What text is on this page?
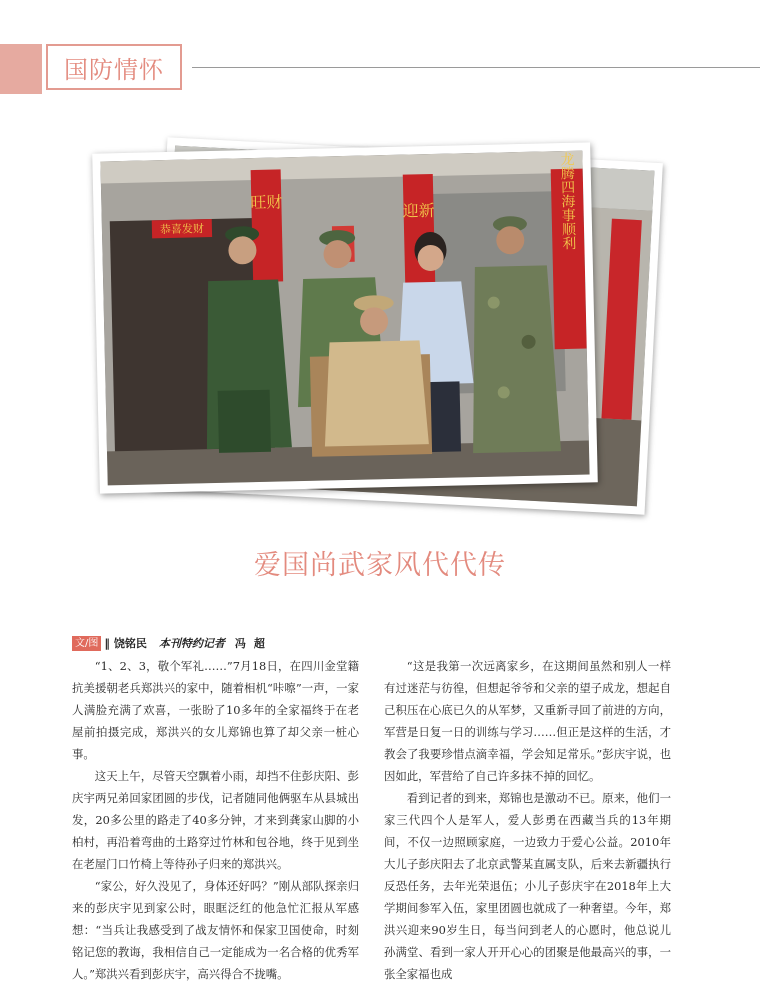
国防情怀
旺财	迎新
恭喜发财	龙腾四海事顺利
爱国尚武家风代代传
文/图 ‖ 饶铭民 本刊特约记者 冯超

“1、2、3，敬个军礼……”7月18日，在四川金堂籍抗美援朝老兵郑洪兴的家中，随着相机“咔嚓”一声，一家人满脸充满了欢喜，一张盼了10多年的全家福终于在老屋前拍摄完成，郑洪兴的女儿郑锦也算了却父亲一桩心事。

这天上午，尽管天空飘着小雨，却挡不住彭庆阳、彭庆宇两兄弟回家团圆的步伐，记者随同他俩驱车从县城出发，20多公里的路走了40多分钟，才来到龚家山脚的小柏村，再沿着弯曲的土路穿过竹林和包谷地，终于见到坐在老屋门口竹椅上等待孙子归来的郑洪兴。

“家公，好久没见了，身体还好吗？”刚从部队探亲归来的彭庆宇见到家公时，眼眶泛红的他急忙汇报从军感想：“当兵让我感受到了战友情怀和保家卫国使命，时刻铭记您的教诲，我相信自己一定能成为一名合格的优秀军人。”郑洪兴看到彭庆宇，高兴得合不拢嘴。

“这是我第一次远离家乡，在这期间虽然和别人一样有过迷茫与彷徨，但想起爷爷和父亲的望子成龙，想起自己积压在心底已久的从军梦，又重新寻回了前进的方向，军营是日复一日的训练与学习……但正是这样的生活，才教会了我要珍惜点滴幸福，学会知足常乐。”彭庆宇说，也因如此，军营给了自己许多抹不掉的回忆。

看到记者的到来，郑锦也是激动不已。原来，他们一家三代四个人是军人，爱人彭勇在西藏当兵的13年期间，不仅一边照顾家庭，一边致力于爱心公益。2010年大儿子彭庆阳去了北京武警某直属支队，后来去新疆执行反恐任务，去年光荣退伍；小儿子彭庆宇在2018年上大学期间参军入伍，家里团圆也就成了一种奢望。今年，郑洪兴迎来90岁生日，每当问到老人的心愿时，他总说儿孙满堂、看到一家人开开心心的团聚是他最高兴的事，一张全家福也成
